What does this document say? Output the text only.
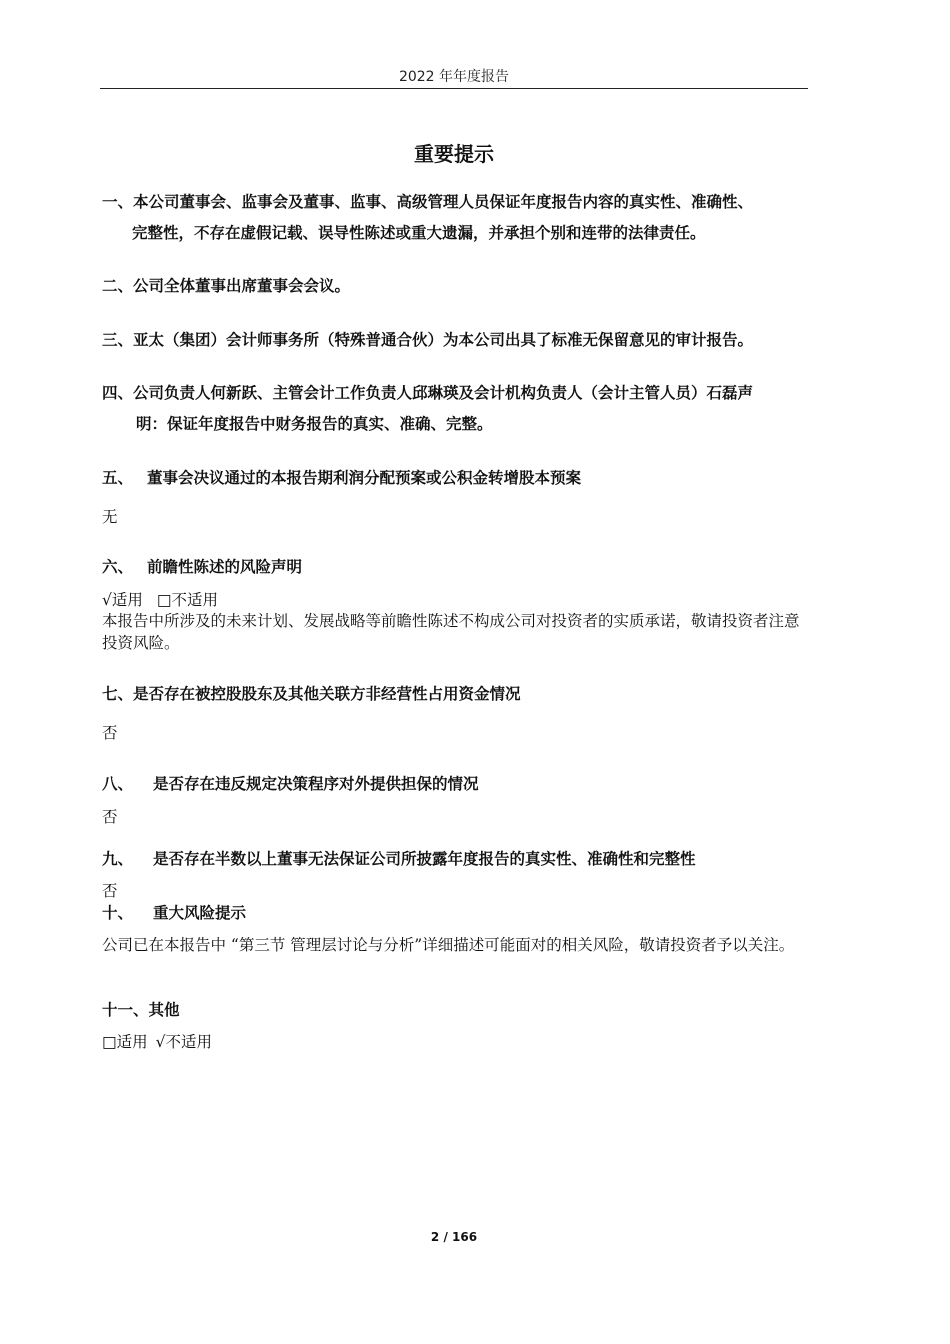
2022 年年度报告
重要提示
一、本公司董事会、监事会及董事、监事、高级管理人员保证年度报告内容的真实性、准确性、
完整性，不存在虚假记载、误导性陈述或重大遗漏，并承担个别和连带的法律责任。
二、公司全体董事出席董事会会议。
三、亚太（集团）会计师事务所（特殊普通合伙）为本公司出具了标准无保留意见的审计报告。
四、公司负责人何新跃、主管会计工作负责人邱琳瑛及会计机构负责人（会计主管人员）石磊声
明：保证年度报告中财务报告的真实、准确、完整。
五、 董事会决议通过的本报告期利润分配预案或公积金转增股本预案
无
六、 前瞻性陈述的风险声明
√适用 □不适用
本报告中所涉及的未来计划、发展战略等前瞻性陈述不构成公司对投资者的实质承诺，敬请投资者注意投资风险。
七、是否存在被控股股东及其他关联方非经营性占用资金情况
否
八、 是否存在违反规定决策程序对外提供担保的情况
否
九、 是否存在半数以上董事无法保证公司所披露年度报告的真实性、准确性和完整性
否
十、 重大风险提示
公司已在本报告中 “第三节 管理层讨论与分析”详细描述可能面对的相关风险，敬请投资者予以关注。
十一、其他
□适用 √不适用
2 / 166
